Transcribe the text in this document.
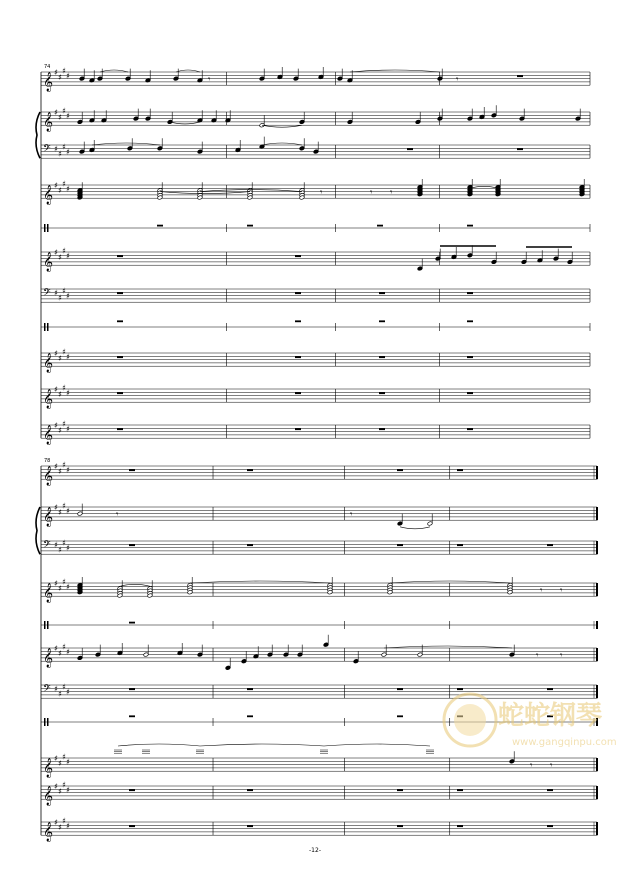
74
𝄞 ♯
♯
♯
♯
𝄞 ♯
♯
♯
♯
𝄢 ♯
♯
♯
♯
𝄞 ♯
♯
♯
♯
𝄞 ♯
♯
♯
♯
𝄢 ♯
♯
♯
♯
𝄞 ♯
♯
♯
♯
𝄞 ♯
♯
♯
♯
𝄞 ♯
♯
♯
♯
𝄾	𝄾
𝄾	𝄾 𝄾
78
𝄞 ♯
♯
♯
♯
𝄞 ♯
♯
♯
♯
𝄢 ♯
♯
♯
♯
𝄞 ♯
♯
♯
♯
𝄞 ♯
♯
♯
♯
𝄢 ♯
♯
♯
♯
𝄞 ♯
♯
♯
♯
𝄞 ♯
♯
♯
♯
𝄞 ♯
♯
♯
♯
𝄾	𝄾
𝄾 𝄾
𝄾 𝄾
𝄾 𝄾
蛇蛇钢琴
www.gangqinpu.com
-12-
